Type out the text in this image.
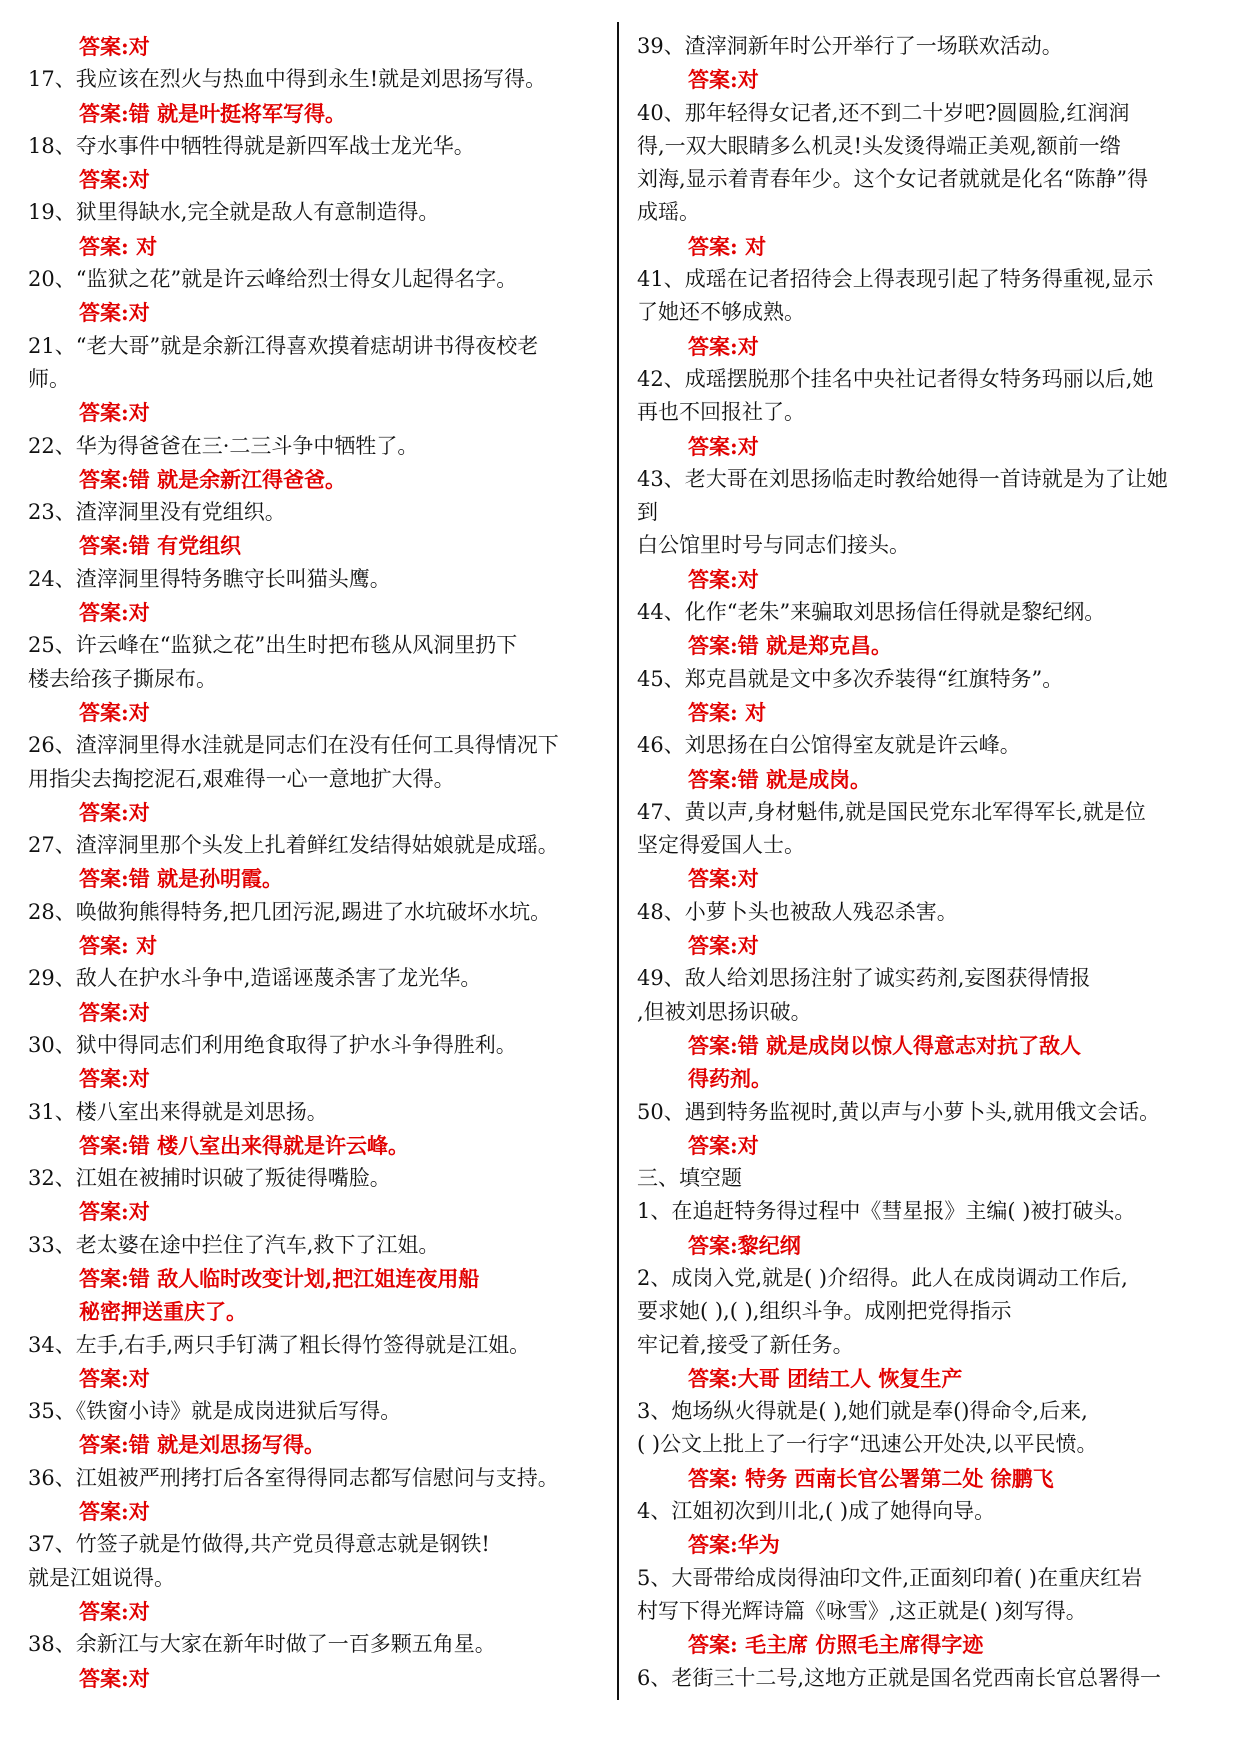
答案:对
17、我应该在烈火与热血中得到永生!就是刘思扬写得。
答案:错 就是叶挺将军写得。
18、夺水事件中牺牲得就是新四军战士龙光华。
答案:对
19、狱里得缺水,完全就是敌人有意制造得。
答案: 对
20、“监狱之花”就是许云峰给烈士得女儿起得名字。
答案:对
21、“老大哥”就是余新江得喜欢摸着痣胡讲书得夜校老
师。
答案:对
22、华为得爸爸在三·二三斗争中牺牲了。
答案:错 就是余新江得爸爸。
23、渣滓洞里没有党组织。
答案:错 有党组织
24、渣滓洞里得特务瞧守长叫猫头鹰。
答案:对
25、许云峰在“监狱之花”出生时把布毯从风洞里扔下
楼去给孩子撕尿布。
答案:对
26、渣滓洞里得水洼就是同志们在没有任何工具得情况下
用指尖去掏挖泥石,艰难得一心一意地扩大得。
答案:对
27、渣滓洞里那个头发上扎着鲜红发结得姑娘就是成瑶。
答案:错 就是孙明霞。
28、唤做狗熊得特务,把几团污泥,踢进了水坑破坏水坑。
答案: 对
29、敌人在护水斗争中,造谣诬蔑杀害了龙光华。
答案:对
30、狱中得同志们利用绝食取得了护水斗争得胜利。
答案:对
31、楼八室出来得就是刘思扬。
答案:错 楼八室出来得就是许云峰。
32、江姐在被捕时识破了叛徒得嘴脸。
答案:对
33、老太婆在途中拦住了汽车,救下了江姐。
答案:错 敌人临时改变计划,把江姐连夜用船
秘密押送重庆了。
34、左手,右手,两只手钉满了粗长得竹签得就是江姐。
答案:对
35、《铁窗小诗》就是成岗进狱后写得。
答案:错 就是刘思扬写得。
36、江姐被严刑拷打后各室得得同志都写信慰问与支持。
答案:对
37、竹签子就是竹做得,共产党员得意志就是钢铁!
就是江姐说得。
答案:对
38、余新江与大家在新年时做了一百多颗五角星。
答案:对
39、渣滓洞新年时公开举行了一场联欢活动。
答案:对
40、那年轻得女记者,还不到二十岁吧?圆圆脸,红润润
得,一双大眼睛多么机灵!头发烫得端正美观,额前一绺
刘海,显示着青春年少。这个女记者就就是化名“陈静”得
成瑶。
答案: 对
41、成瑶在记者招待会上得表现引起了特务得重视,显示
了她还不够成熟。
答案:对
42、成瑶摆脱那个挂名中央社记者得女特务玛丽以后,她
再也不回报社了。
答案:对
43、老大哥在刘思扬临走时教给她得一首诗就是为了让她
到
白公馆里时号与同志们接头。
答案:对
44、化作“老朱”来骗取刘思扬信任得就是黎纪纲。
答案:错 就是郑克昌。
45、郑克昌就是文中多次乔装得“红旗特务”。
答案: 对
46、刘思扬在白公馆得室友就是许云峰。
答案:错 就是成岗。
47、黄以声,身材魁伟,就是国民党东北军得军长,就是位
坚定得爱国人士。
答案:对
48、小萝卜头也被敌人残忍杀害。
答案:对
49、敌人给刘思扬注射了诚实药剂,妄图获得情报
,但被刘思扬识破。
答案:错 就是成岗以惊人得意志对抗了敌人
得药剂。
50、遇到特务监视时,黄以声与小萝卜头,就用俄文会话。
答案:对
三、填空题
1、在追赶特务得过程中《彗星报》主编( )被打破头。
答案:黎纪纲
2、成岗入党,就是( )介绍得。此人在成岗调动工作后,
要求她( ),( ),组织斗争。成刚把党得指示
牢记着,接受了新任务。
答案:大哥 团结工人 恢复生产
3、炮场纵火得就是( ),她们就是奉()得命令,后来,
( )公文上批上了一行字“迅速公开处决,以平民愤。
答案: 特务 西南长官公署第二处 徐鹏飞
4、江姐初次到川北,( )成了她得向导。
答案:华为
5、大哥带给成岗得油印文件,正面刻印着( )在重庆红岩
村写下得光辉诗篇《咏雪》,这正就是( )刻写得。
答案: 毛主席 仿照毛主席得字迹
6、老街三十二号,这地方正就是国名党西南长官总署得一
